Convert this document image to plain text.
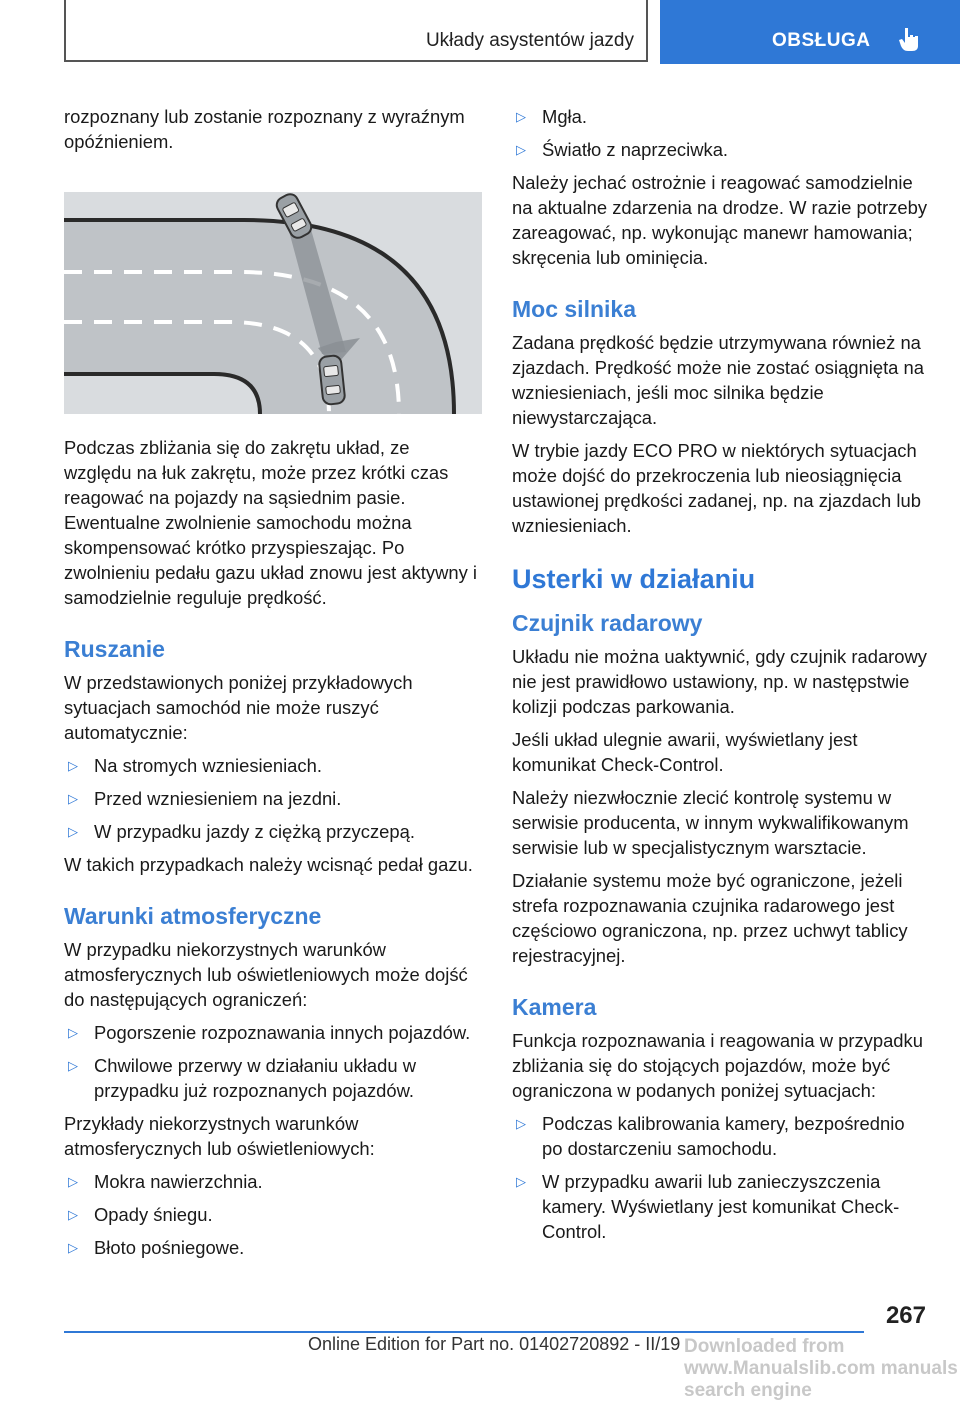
Układy asystentów jazdy	OBSŁUGA

rozpoznany lub zostanie rozpoznany z wyraźnym opóźnieniem.

Podczas zbliżania się do zakrętu układ, ze względu na łuk zakrętu, może przez krótki czas reagować na pojazdy na sąsiednim pasie. Ewentualne zwolnienie samochodu można skompensować krótko przyspieszając. Po zwolnieniu pedału gazu układ znowu jest aktywny i samodzielnie reguluje prędkość.

Ruszanie

W przedstawionych poniżej przykładowych sytuacjach samochód nie może ruszyć automatycznie:

▷ Na stromych wzniesieniach.
▷ Przed wzniesieniem na jezdni.
▷ W przypadku jazdy z ciężką przyczepą.

W takich przypadkach należy wcisnąć pedał gazu.

Warunki atmosferyczne

W przypadku niekorzystnych warunków atmosferycznych lub oświetleniowych może dojść do następujących ograniczeń:

▷ Pogorszenie rozpoznawania innych pojazdów.
▷ Chwilowe przerwy w działaniu układu w przypadku już rozpoznanych pojazdów.

Przykłady niekorzystnych warunków atmosferycznych lub oświetleniowych:

▷ Mokra nawierzchnia.
▷ Opady śniegu.
▷ Błoto pośniegowe.
▷ Mgła.
▷ Światło z naprzeciwka.

Należy jechać ostrożnie i reagować samodzielnie na aktualne zdarzenia na drodze. W razie potrzeby zareagować, np. wykonując manewr hamowania; skręcenia lub ominięcia.

Moc silnika

Zadana prędkość będzie utrzymywana również na zjazdach. Prędkość może nie zostać osiągnięta na wzniesieniach, jeśli moc silnika będzie niewystarczająca.

W trybie jazdy ECO PRO w niektórych sytuacjach może dojść do przekroczenia lub nieosiągnięcia ustawionej prędkości zadanej, np. na zjazdach lub wzniesieniach.

Usterki w działaniu
Czujnik radarowy

Układu nie można uaktywnić, gdy czujnik radarowy nie jest prawidłowo ustawiony, np. w następstwie kolizji podczas parkowania.

Jeśli układ ulegnie awarii, wyświetlany jest komunikat Check-Control.

Należy niezwłocznie zlecić kontrolę systemu w serwisie producenta, w innym wykwalifikowanym serwisie lub w specjalistycznym warsztacie.

Działanie systemu może być ograniczone, jeżeli strefa rozpoznawania czujnika radarowego jest częściowo ograniczona, np. przez uchwyt tablicy rejestracyjnej.

Kamera

Funkcja rozpoznawania i reagowania w przypadku zbliżania się do stojących pojazdów, może być ograniczona w podanych poniżej sytuacjach:

▷ Podczas kalibrowania kamery, bezpośrednio po dostarczeniu samochodu.
▷ W przypadku awarii lub zanieczyszczenia kamery. Wyświetlany jest komunikat Check-Control.
267
Online Edition for Part no. 01402720892 - II/19 Downloaded from www.Manualslib.com manuals search engine
